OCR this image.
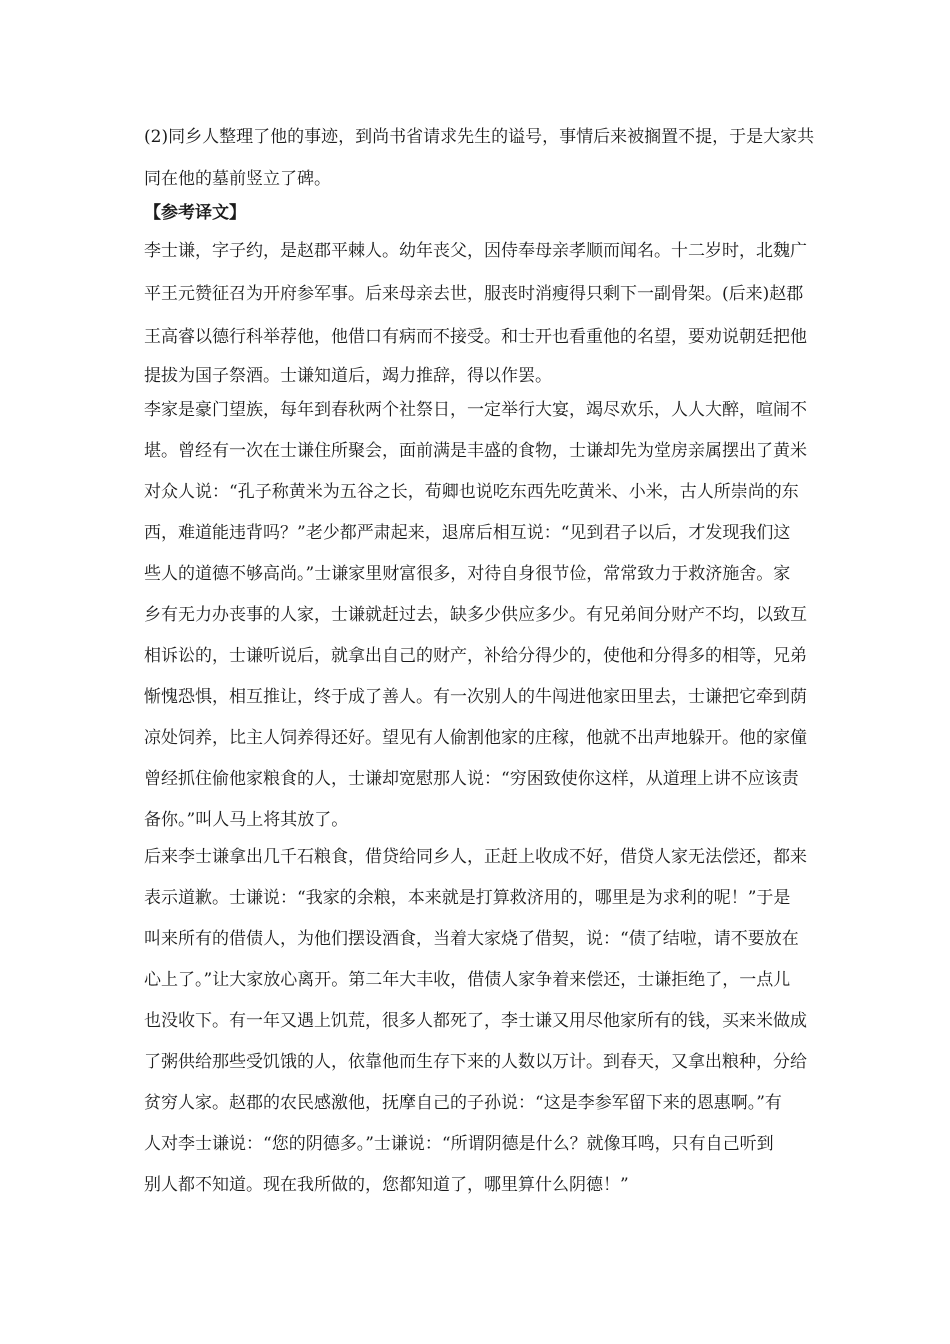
(2)同乡人整理了他的事迹，到尚书省请求先生的谥号，事情后来被搁置不提，于是大家共
同在他的墓前竖立了碑。
【参考译文】
李士谦，字子约，是赵郡平棘人。幼年丧父，因侍奉母亲孝顺而闻名。十二岁时，北魏广
平王元赞征召为开府参军事。后来母亲去世，服丧时消瘦得只剩下一副骨架。(后来)赵郡
王高睿以德行科举荐他，他借口有病而不接受。和士开也看重他的名望，要劝说朝廷把他
提拔为国子祭酒。士谦知道后，竭力推辞，得以作罢。
李家是豪门望族，每年到春秋两个社祭日，一定举行大宴，竭尽欢乐，人人大醉，喧闹不
堪。曾经有一次在士谦住所聚会，面前满是丰盛的食物，士谦却先为堂房亲属摆出了黄米
对众人说：“孔子称黄米为五谷之长，荀卿也说吃东西先吃黄米、小米，古人所崇尚的东
西，难道能违背吗？”老少都严肃起来，退席后相互说：“见到君子以后，才发现我们这
些人的道德不够高尚。”士谦家里财富很多，对待自身很节俭，常常致力于救济施舍。家
乡有无力办丧事的人家，士谦就赶过去，缺多少供应多少。有兄弟间分财产不均，以致互
相诉讼的，士谦听说后，就拿出自己的财产，补给分得少的，使他和分得多的相等，兄弟
惭愧恐惧，相互推让，终于成了善人。有一次别人的牛闯进他家田里去，士谦把它牵到荫
凉处饲养，比主人饲养得还好。望见有人偷割他家的庄稼，他就不出声地躲开。他的家僮
曾经抓住偷他家粮食的人，士谦却宽慰那人说：“穷困致使你这样，从道理上讲不应该责
备你。”叫人马上将其放了。
后来李士谦拿出几千石粮食，借贷给同乡人，正赶上收成不好，借贷人家无法偿还，都来
表示道歉。士谦说：“我家的余粮，本来就是打算救济用的，哪里是为求利的呢！”于是
叫来所有的借债人，为他们摆设酒食，当着大家烧了借契，说：“债了结啦，请不要放在
心上了。”让大家放心离开。第二年大丰收，借债人家争着来偿还，士谦拒绝了，一点儿
也没收下。有一年又遇上饥荒，很多人都死了，李士谦又用尽他家所有的钱，买来米做成
了粥供给那些受饥饿的人，依靠他而生存下来的人数以万计。到春天，又拿出粮种，分给
贫穷人家。赵郡的农民感激他，抚摩自己的子孙说：“这是李参军留下来的恩惠啊。”有
人对李士谦说：“您的阴德多。”士谦说：“所谓阴德是什么？就像耳鸣，只有自己听到
别人都不知道。现在我所做的，您都知道了，哪里算什么阴德！”
